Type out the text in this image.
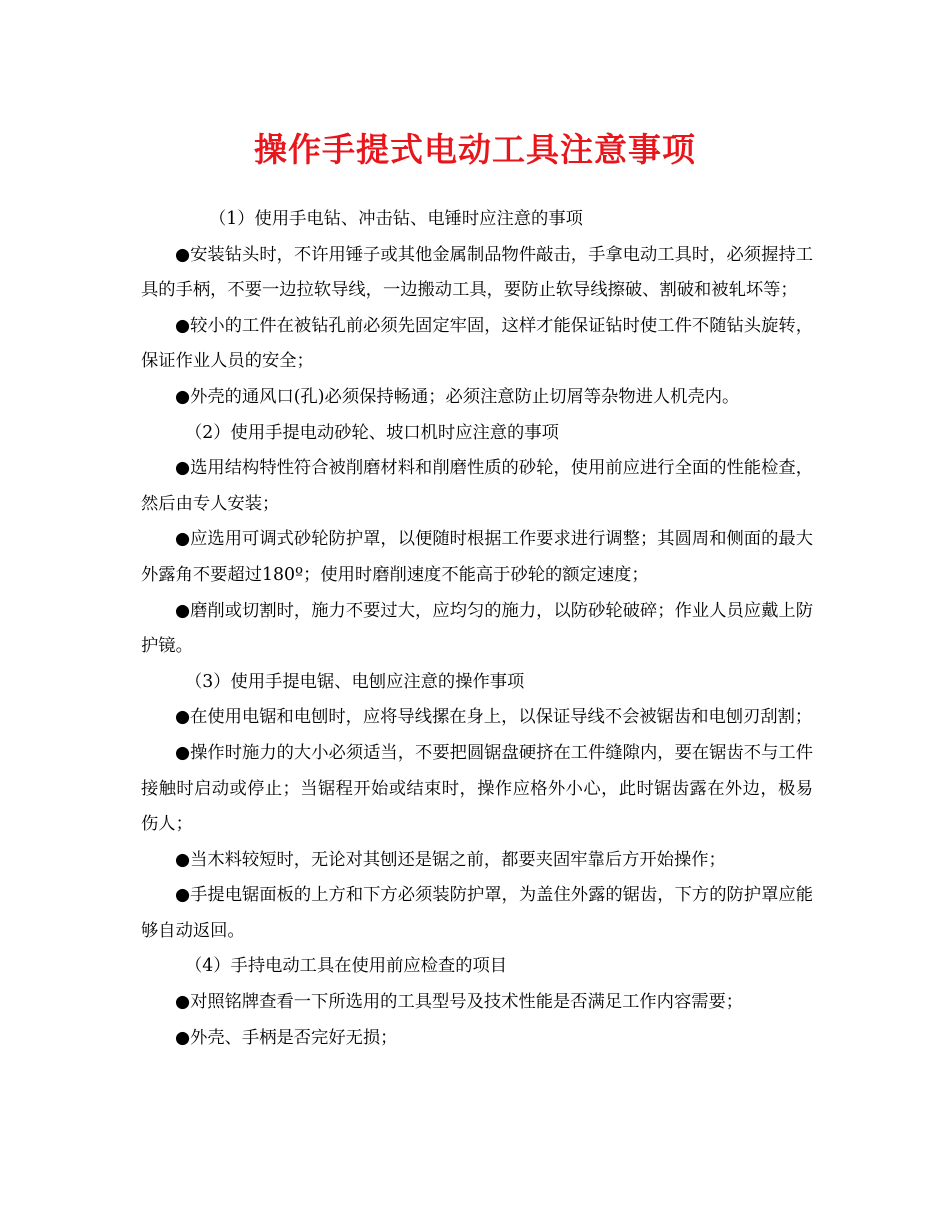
操作手提式电动工具注意事项

（1）使用手电钻、冲击钻、电锤时应注意的事项

●安装钻头时，不许用锤子或其他金属制品物件敲击，手拿电动工具时，必须握持工具的手柄，不要一边拉软导线，一边搬动工具，要防止软导线擦破、割破和被轧坏等；

●较小的工件在被钻孔前必须先固定牢固，这样才能保证钻时使工件不随钻头旋转，保证作业人员的安全；

●外壳的通风口(孔)必须保持畅通；必须注意防止切屑等杂物进人机壳内。

（2）使用手提电动砂轮、坡口机时应注意的事项

●选用结构特性符合被削磨材料和削磨性质的砂轮，使用前应进行全面的性能检查，然后由专人安装；

●应选用可调式砂轮防护罩，以便随时根据工作要求进行调整；其圆周和侧面的最大外露角不要超过180º；使用时磨削速度不能高于砂轮的额定速度；

●磨削或切割时，施力不要过大，应均匀的施力，以防砂轮破碎；作业人员应戴上防护镜。

（3）使用手提电锯、电刨应注意的操作事项

●在使用电锯和电刨时，应将导线摞在身上，以保证导线不会被锯齿和电刨刃刮割；

●操作时施力的大小必须适当，不要把圆锯盘硬挤在工件缝隙内，要在锯齿不与工件接触时启动或停止；当锯程开始或结束时，操作应格外小心，此时锯齿露在外边，极易伤人；

●当木料较短时，无论对其刨还是锯之前，都要夹固牢靠后方开始操作；

●手提电锯面板的上方和下方必须装防护罩，为盖住外露的锯齿，下方的防护罩应能够自动返回。

（4）手持电动工具在使用前应检查的项目

●对照铭牌查看一下所选用的工具型号及技术性能是否满足工作内容需要；

●外壳、手柄是否完好无损；
